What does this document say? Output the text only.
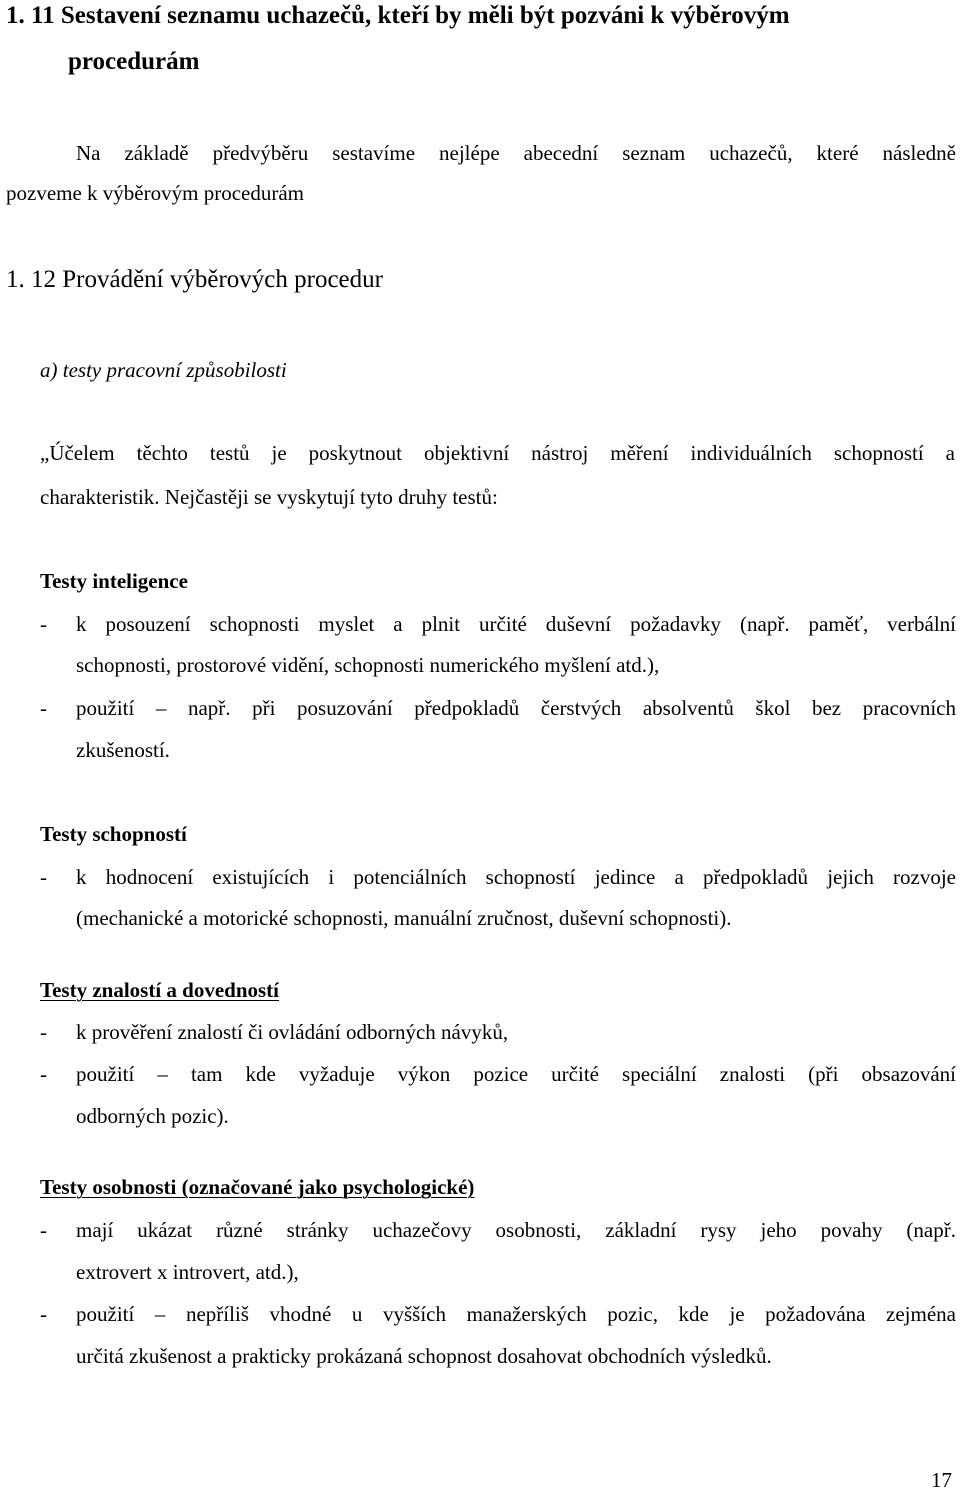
1. 11 Sestavení seznamu uchazečů, kteří by měli být pozváni k výběrovým
procedurám
Na základě předvýběru sestavíme nejlépe abecední seznam uchazečů, které následně
pozveme k výběrovým procedurám
1. 12 Provádění výběrových procedur
a) testy pracovní způsobilosti
„Účelem těchto testů je poskytnout objektivní nástroj měření individuálních schopností a
charakteristik. Nejčastěji se vyskytují tyto druhy testů:
Testy inteligence
- k posouzení schopnosti myslet a plnit určité duševní požadavky (např. paměť, verbální
schopnosti, prostorové vidění, schopnosti numerického myšlení atd.),
- použití – např. při posuzování předpokladů čerstvých absolventů škol bez pracovních
zkušeností.
Testy schopností
- k hodnocení existujících i potenciálních schopností jedince a předpokladů jejich rozvoje
(mechanické a motorické schopnosti, manuální zručnost, duševní schopnosti).
Testy znalostí a dovedností
- k prověření znalostí či ovládání odborných návyků,
- použití – tam kde vyžaduje výkon pozice určité speciální znalosti (při obsazování
odborných pozic).
Testy osobnosti (označované jako psychologické)
- mají ukázat různé stránky uchazečovy osobnosti, základní rysy jeho povahy (např.
extrovert x introvert, atd.),
- použití – nepříliš vhodné u vyšších manažerských pozic, kde je požadována zejména
určitá zkušenost a prakticky prokázaná schopnost dosahovat obchodních výsledků.
17
